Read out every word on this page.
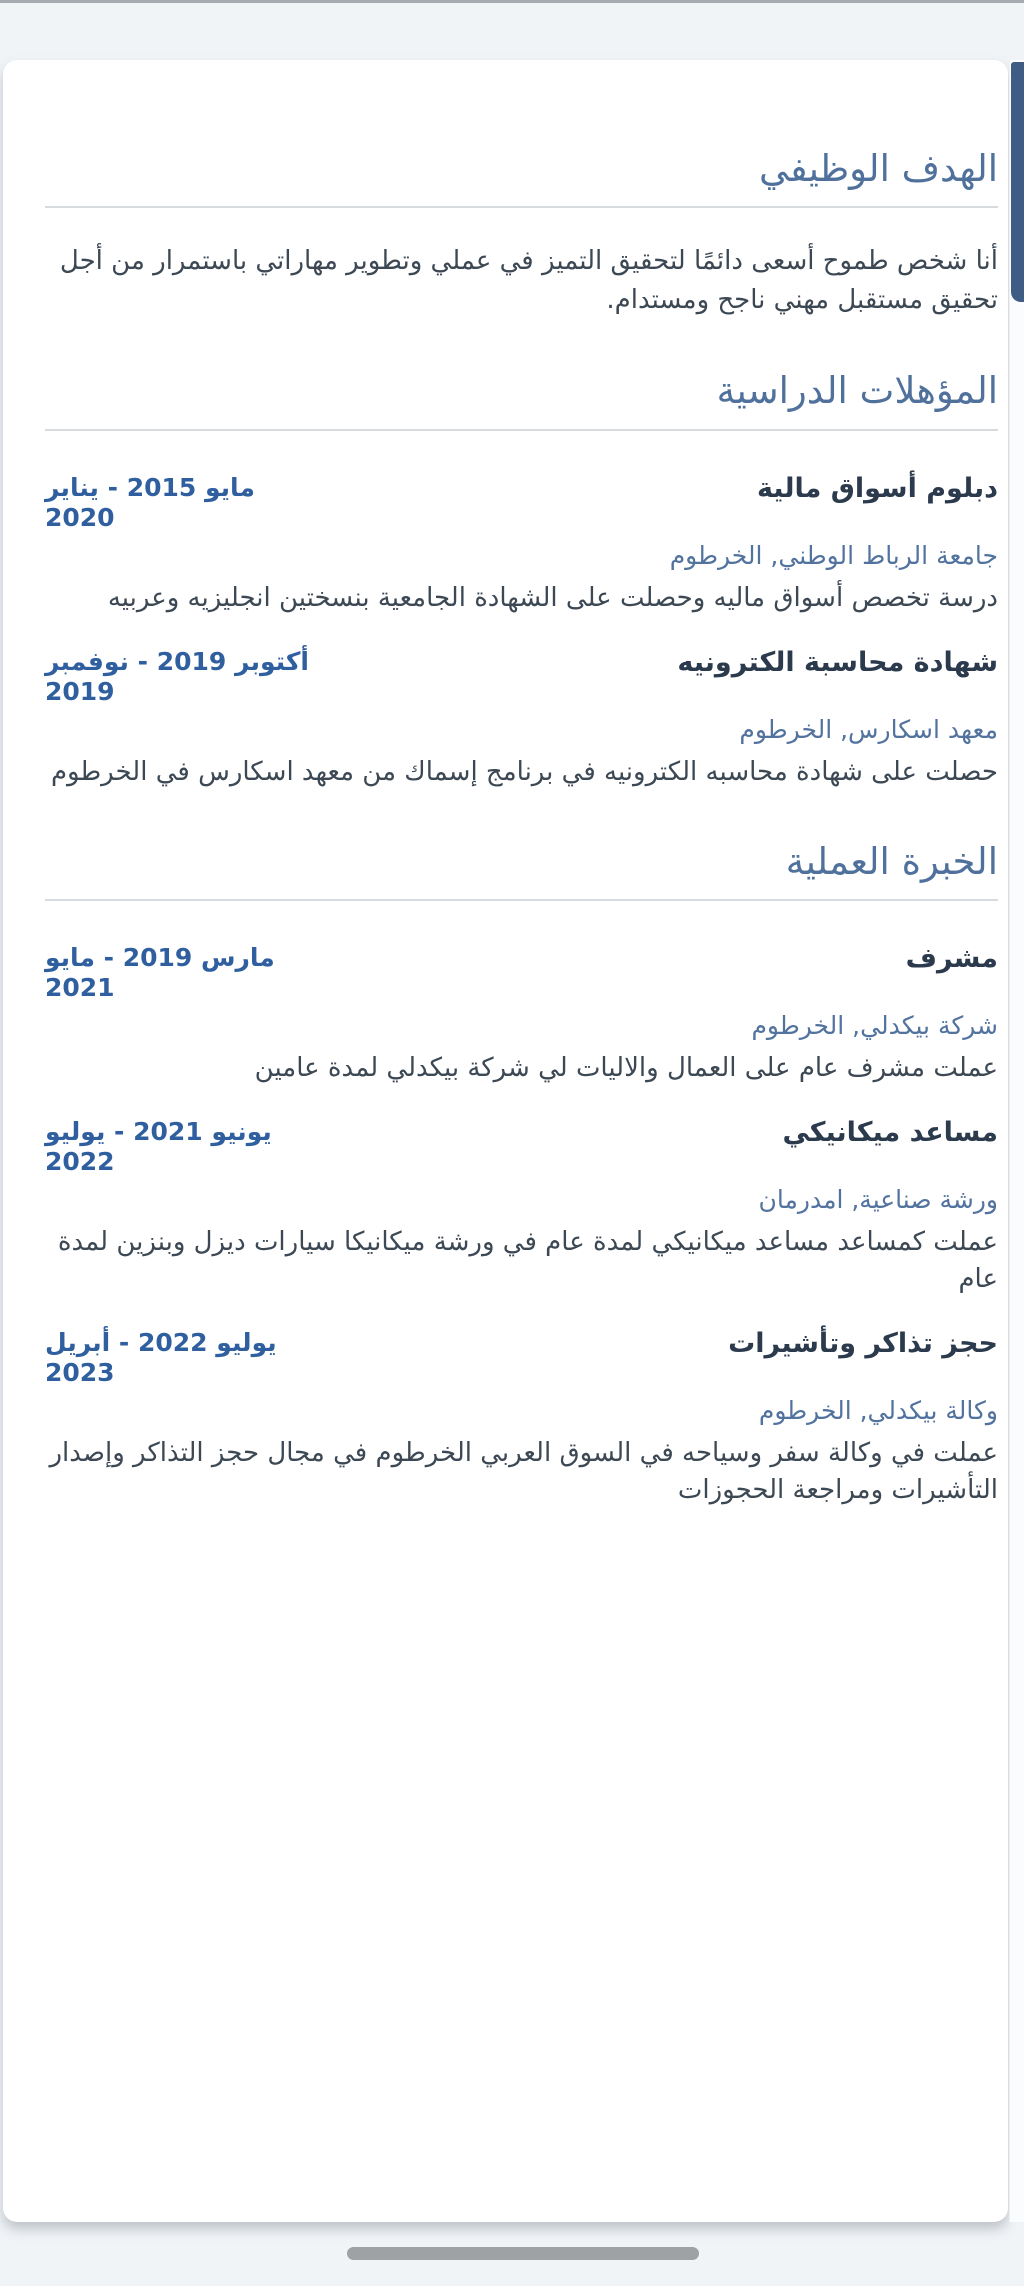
الهدف الوظيفي

أنا شخص طموح أسعى دائمًا لتحقيق التميز في عملي وتطوير مهاراتي باستمرار من أجل تحقيق مستقبل مهني ناجح ومستدام.

المؤهلات الدراسية
دبلوم أسواق مالية
مايو 2015 - يناير
2020
جامعة الرباط الوطني, الخرطوم
درسة تخصص أسواق ماليه وحصلت على الشهادة الجامعية بنسختين انجليزيه وعربيه
شهادة محاسبة الكترونيه
أكتوبر 2019 - نوفمبر
2019
معهد اسكارس, الخرطوم
حصلت على شهادة محاسبه الكترونيه في برنامج إسماك من معهد اسكارس في الخرطوم
الخبرة العملية
مشرف
مارس 2019 - مايو
2021
شركة بيكدلي, الخرطوم
عملت مشرف عام على العمال والاليات لي شركة بيكدلي لمدة عامين
مساعد ميكانيكي
يونيو 2021 - يوليو
2022
ورشة صناعية, امدرمان
عملت كمساعد مساعد ميكانيكي لمدة عام في ورشة ميكانيكا سيارات ديزل وبنزين لمدة عام
حجز تذاكر وتأشيرات
يوليو 2022 - أبريل
2023
وكالة بيكدلي, الخرطوم
عملت في وكالة سفر وسياحه في السوق العربي الخرطوم في مجال حجز التذاكر وإصدار التأشيرات ومراجعة الحجوزات
